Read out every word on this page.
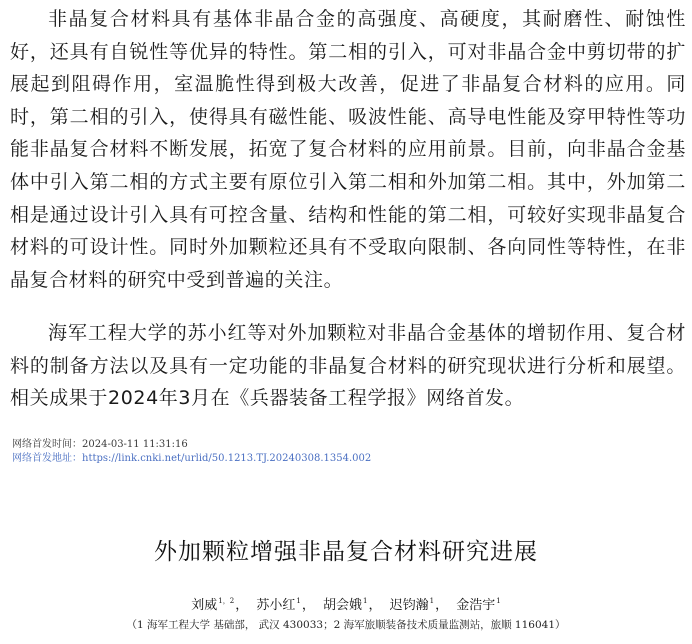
非晶复合材料具有基体非晶合金的高强度、高硬度，其耐磨性、耐蚀性好，还具有自锐性等优异的特性。第二相的引入，可对非晶合金中剪切带的扩展起到阻碍作用，室温脆性得到极大改善，促进了非晶复合材料的应用。同时，第二相的引入，使得具有磁性能、吸波性能、高导电性能及穿甲特性等功能非晶复合材料不断发展，拓宽了复合材料的应用前景。目前，向非晶合金基体中引入第二相的方式主要有原位引入第二相和外加第二相。其中，外加第二相是通过设计引入具有可控含量、结构和性能的第二相，可较好实现非晶复合材料的可设计性。同时外加颗粒还具有不受取向限制、各向同性等特性，在非晶复合材料的研究中受到普遍的关注。

海军工程大学的苏小红等对外加颗粒对非晶合金基体的增韧作用、复合材料的制备方法以及具有一定功能的非晶复合材料的研究现状进行分析和展望。相关成果于2024年3月在《兵器装备工程学报》网络首发。

网络首发时间：2024-03-11 11:31:16
网络首发地址：https://link.cnki.net/urlid/50.1213.TJ.20240308.1354.002
外加颗粒增强非晶复合材料研究进展
刘威$^{1,2}$， 苏小红$^1$， 胡会娥$^1$， 迟钧瀚$^1$， 金浩宇$^1$
（1 海军工程大学 基础部， 武汉 430033；2 海军旅顺装备技术质量监测站，旅顺 116041）
